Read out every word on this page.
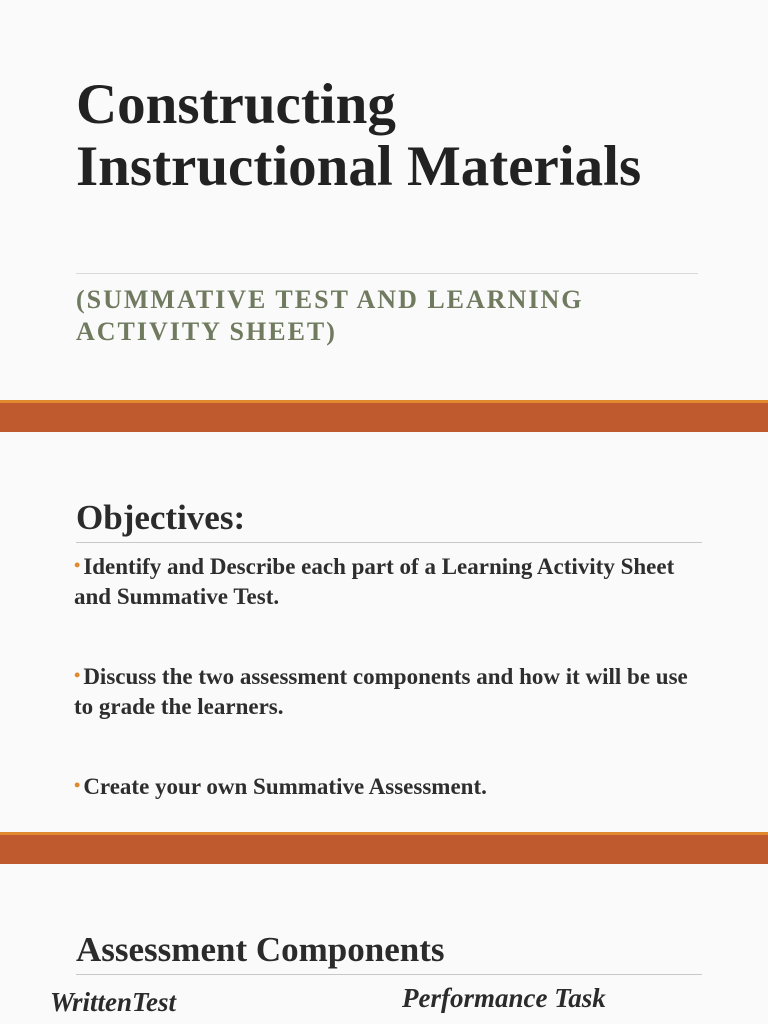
Constructing Instructional Materials

(SUMMATIVE TEST AND LEARNING ACTIVITY SHEET)

Objectives:
• Identify and Describe each part of a Learning Activity Sheet and Summative Test.
• Discuss the two assessment components and how it will be use to grade the learners.
• Create your own Summative Assessment.
Assessment Components

WrittenTest	Performance Task
